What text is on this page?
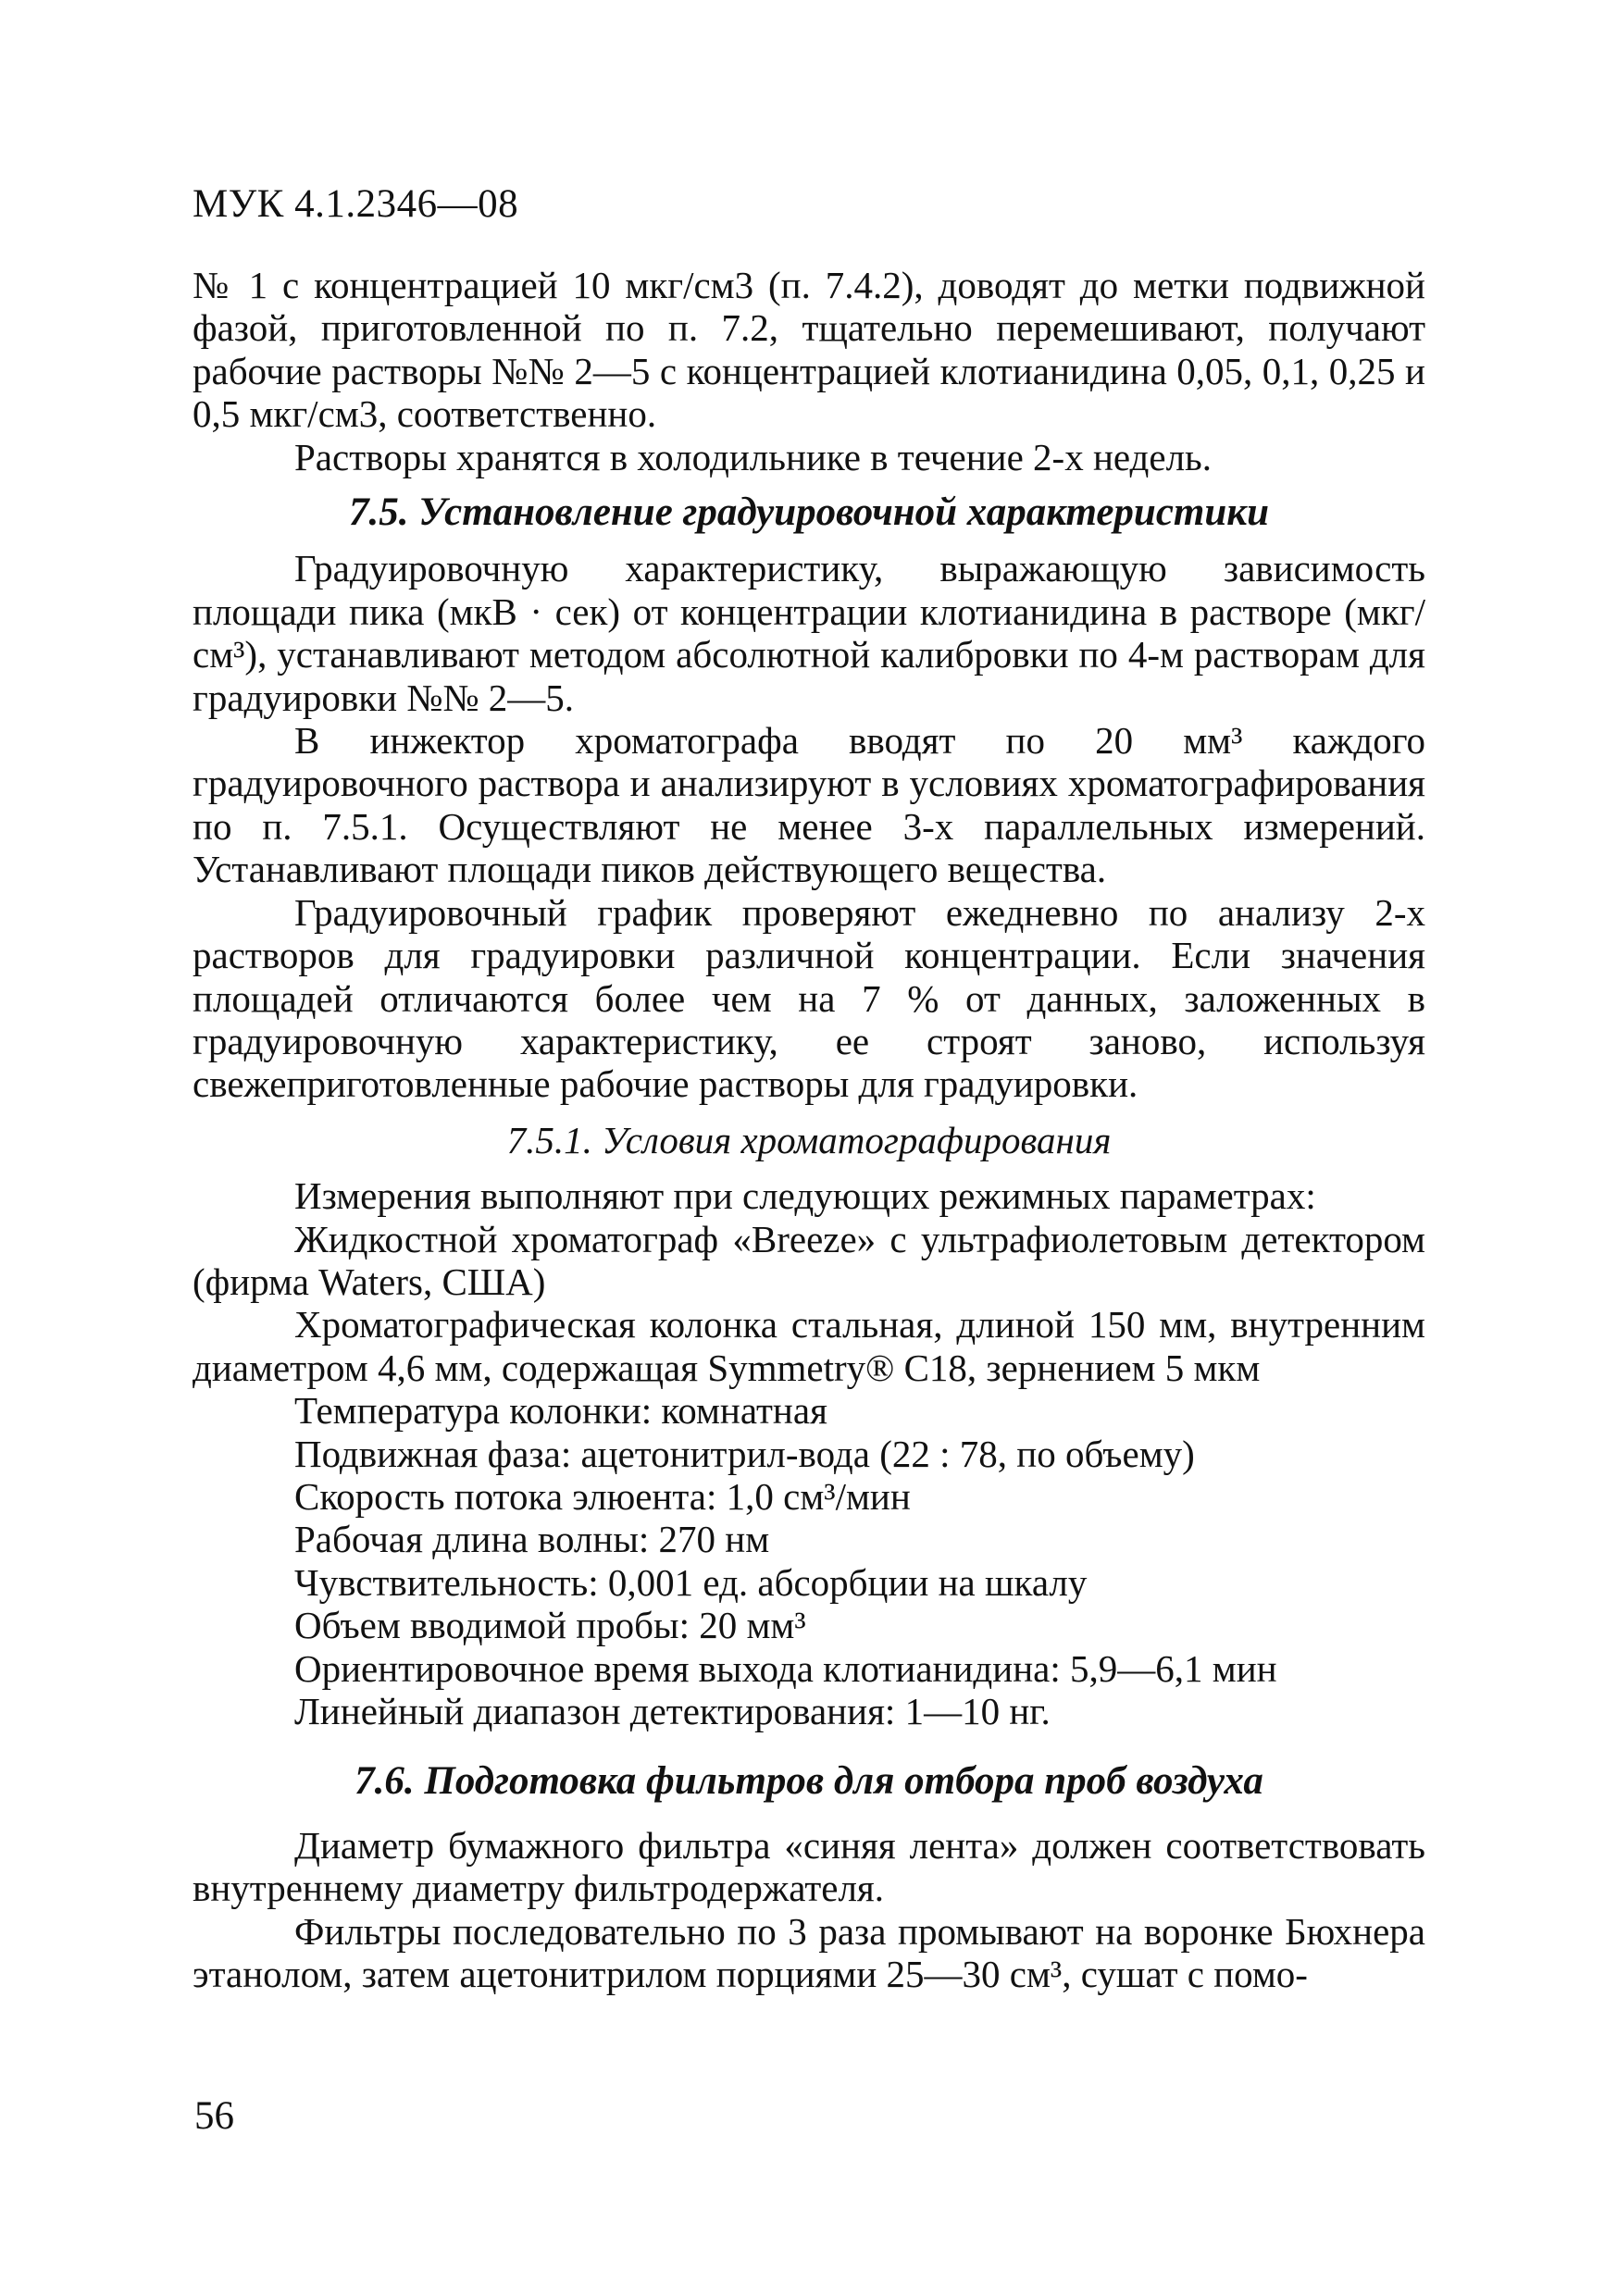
МУК 4.1.2346—08

№ 1 с концентрацией 10 мкг/см3 (п. 7.4.2), доводят до метки подвижной фазой, приготовленной по п. 7.2, тщательно перемешивают, получают рабочие растворы №№ 2—5 с концентрацией клотианидина 0,05, 0,1, 0,25 и 0,5 мкг/см3, соответственно.

Растворы хранятся в холодильнике в течение 2-х недель.

7.5. Установление градуировочной характеристики

Градуировочную характеристику, выражающую зависимость площади пика (мкВ · сек) от концентрации клотианидина в растворе (мкг/см³), устанавливают методом абсолютной калибровки по 4-м растворам для градуировки №№ 2—5.

В инжектор хроматографа вводят по 20 мм³ каждого градуировочного раствора и анализируют в условиях хроматографирования по п. 7.5.1. Осуществляют не менее 3-х параллельных измерений. Устанавливают площади пиков действующего вещества.

Градуировочный график проверяют ежедневно по анализу 2-х растворов для градуировки различной концентрации. Если значения площадей отличаются более чем на 7 % от данных, заложенных в градуировочную характеристику, ее строят заново, используя свежеприготовленные рабочие растворы для градуировки.

7.5.1. Условия хроматографирования

Измерения выполняют при следующих режимных параметрах:

Жидкостной хроматограф «Breeze» с ультрафиолетовым детектором (фирма Waters, США)

Хроматографическая колонка стальная, длиной 150 мм, внутренним диаметром 4,6 мм, содержащая Symmetry® C18, зернением 5 мкм

Температура колонки: комнатная

Подвижная фаза: ацетонитрил-вода (22 : 78, по объему)

Скорость потока элюента: 1,0 см³/мин

Рабочая длина волны: 270 нм

Чувствительность: 0,001 ед. абсорбции на шкалу

Объем вводимой пробы: 20 мм³

Ориентировочное время выхода клотианидина: 5,9—6,1 мин

Линейный диапазон детектирования: 1—10 нг.

7.6. Подготовка фильтров для отбора проб воздуха

Диаметр бумажного фильтра «синяя лента» должен соответствовать внутреннему диаметру фильтродержателя.

Фильтры последовательно по 3 раза промывают на воронке Бюхнера этанолом, затем ацетонитрилом порциями 25—30 см³, сушат с помо-

56
